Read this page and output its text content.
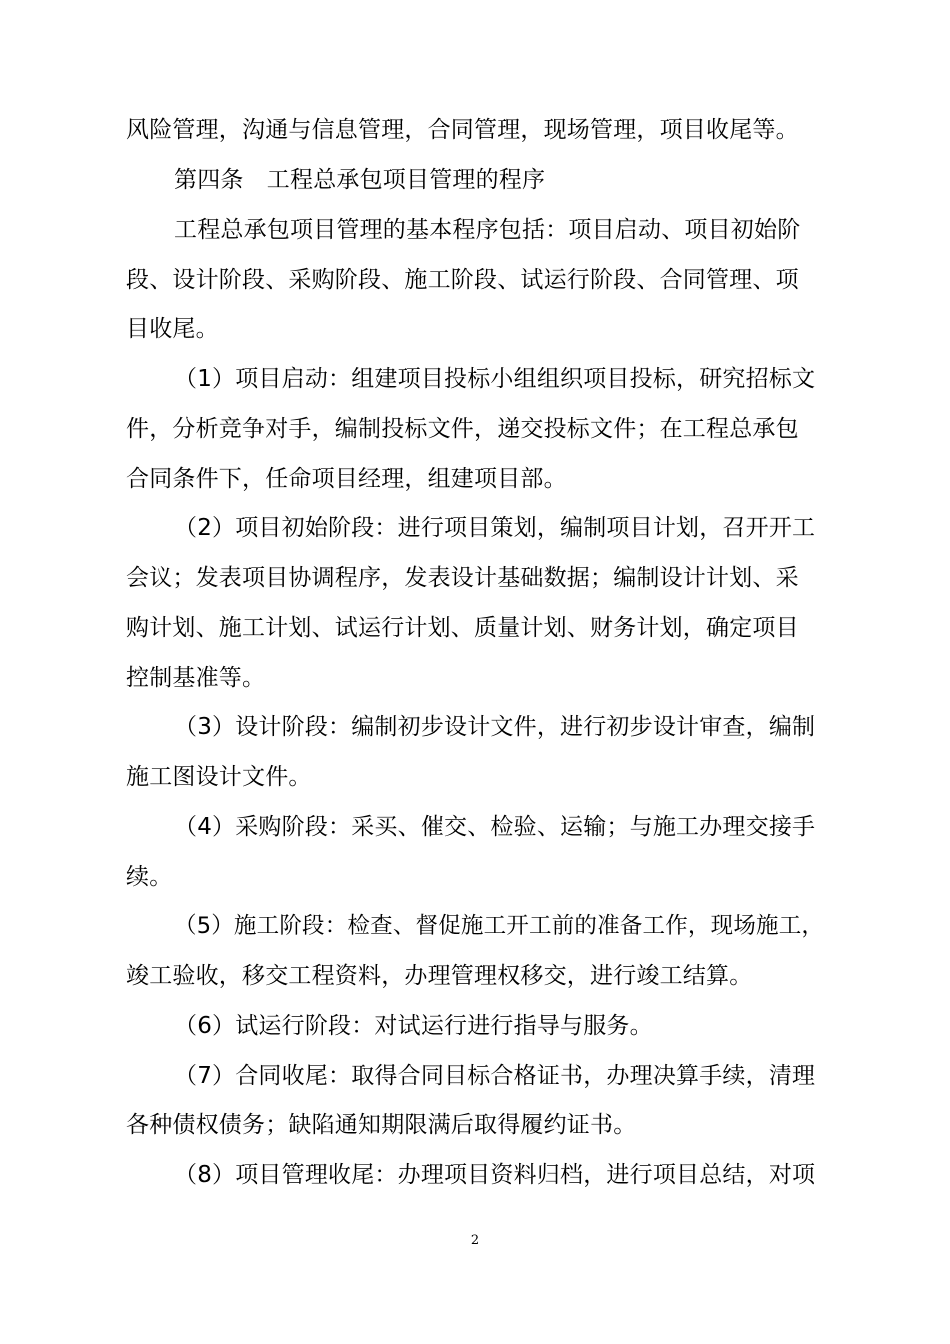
风险管理，沟通与信息管理，合同管理，现场管理，项目收尾等。
第四条　工程总承包项目管理的程序
工程总承包项目管理的基本程序包括：项目启动、项目初始阶
段、设计阶段、采购阶段、施工阶段、试运行阶段、合同管理、项
目收尾。
（1）项目启动：组建项目投标小组组织项目投标，研究招标文
件，分析竞争对手，编制投标文件，递交投标文件；在工程总承包
合同条件下，任命项目经理，组建项目部。
（2）项目初始阶段：进行项目策划，编制项目计划，召开开工
会议；发表项目协调程序，发表设计基础数据；编制设计计划、采
购计划、施工计划、试运行计划、质量计划、财务计划，确定项目
控制基准等。
（3）设计阶段：编制初步设计文件，进行初步设计审查，编制
施工图设计文件。
（4）采购阶段：采买、催交、检验、运输；与施工办理交接手
续。
（5）施工阶段：检查、督促施工开工前的准备工作，现场施工，
竣工验收，移交工程资料，办理管理权移交，进行竣工结算。
（6）试运行阶段：对试运行进行指导与服务。
（7）合同收尾：取得合同目标合格证书，办理决算手续，清理
各种债权债务；缺陷通知期限满后取得履约证书。
（8）项目管理收尾：办理项目资料归档，进行项目总结，对项
2
